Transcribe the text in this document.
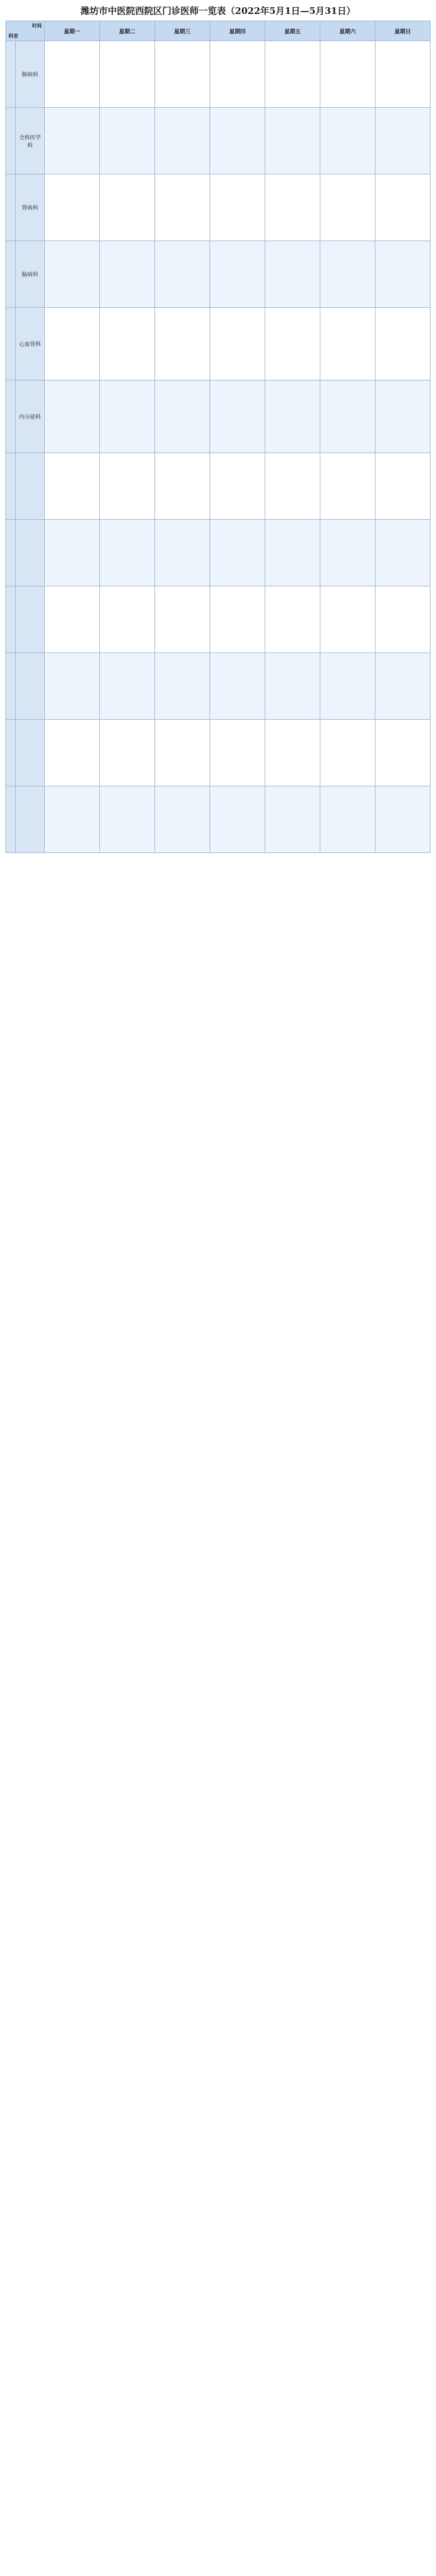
潍坊市中医院西院区门诊医师一览表（2022年5月1日—5月31日）
时间
科室		星期一	星期二	星期三	星期四	星期五	星期六	星期日
	肺病科							
	全科医学科							
	肾病科							
	脑病科							
	心血管科							
	内分泌科							
